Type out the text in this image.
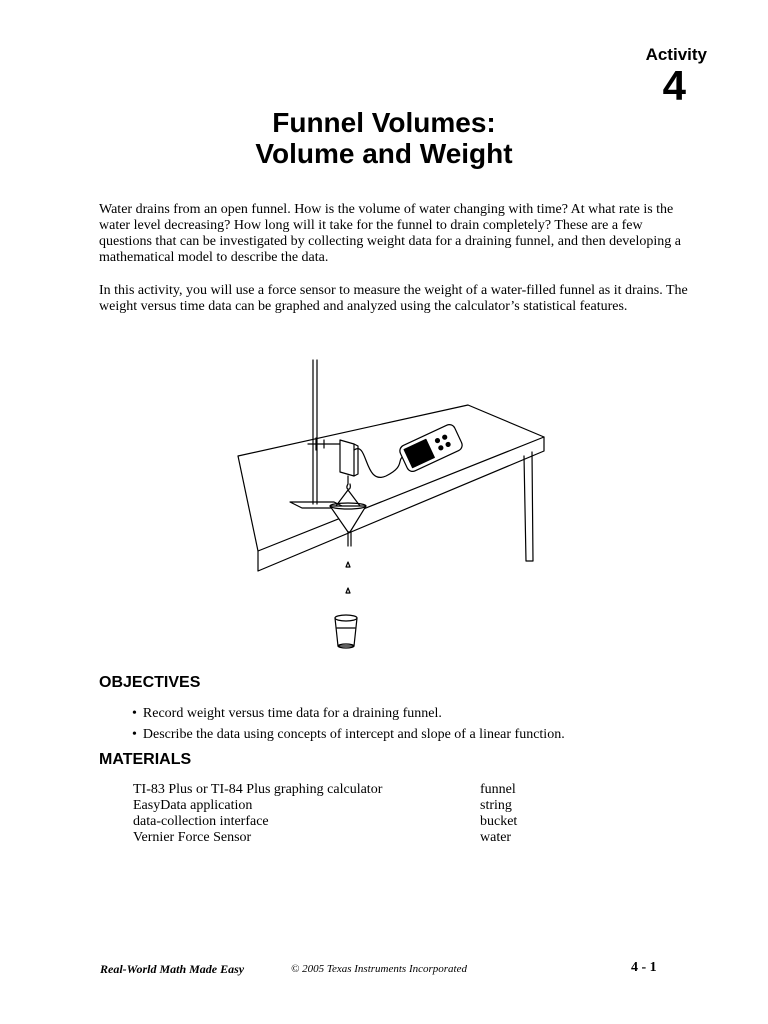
Activity
4
Funnel Volumes:
Volume and Weight

Water drains from an open funnel. How is the volume of water changing with time? At what rate is the water level decreasing? How long will it take for the funnel to drain completely? These are a few questions that can be investigated by collecting weight data for a draining funnel, and then developing a mathematical model to describe the data.

In this activity, you will use a force sensor to measure the weight of a water-filled funnel as it drains. The weight versus time data can be graphed and analyzed using the calculator’s statistical features.

OBJECTIVES
• Record weight versus time data for a draining funnel.
• Describe the data using concepts of intercept and slope of a linear function.
MATERIALS
TI-83 Plus or TI-84 Plus graphing calculator	funnel
EasyData application	string
data-collection interface	bucket
Vernier Force Sensor	water
Real-World Math Made Easy	© 2005 Texas Instruments Incorporated	4 - 1
